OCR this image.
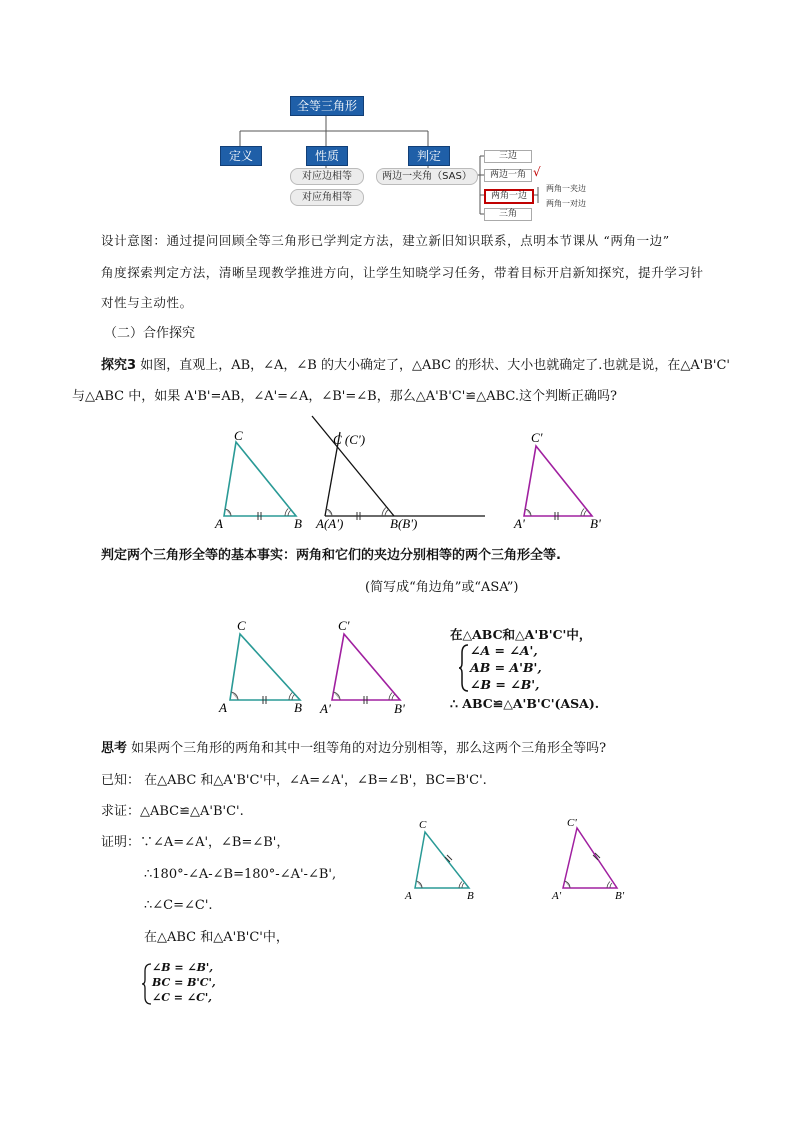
全等三角形
定义	性质	判定
对应边相等
对应角相等
两边一夹角（SAS）
三边
两边一角 √
两角一边
三角
两角一夹边
两角一对边
设计意图：通过提问回顾全等三角形已学判定方法，建立新旧知识联系，点明本节课从 “两角一边”
角度探索判定方法，清晰呈现教学推进方向，让学生知晓学习任务，带着目标开启新知探究，提升学习针
对性与主动性。
（二）合作探究
探究3 如图，直观上，AB，∠A，∠B 的大小确定了，△ABC 的形状、大小也就确定了.也就是说，在△A'B'C'
与△ABC 中，如果 A'B'=AB，∠A'=∠A，∠B'=∠B，那么△A'B'C'≌△ABC.这个判断正确吗?
C
A	B
C (C')
A(A')	B(B')
C'
A'	B'
判定两个三角形全等的基本事实：两角和它们的夹边分别相等的两个三角形全等.
(简写成“角边角”或“ASA”)
C
A	B
C'
A'	B'
在△ABC和△A'B'C'中，
∠A = ∠A',
AB = A'B',
∠B = ∠B',
∴ ABC≌△A'B'C'(ASA).
思考 如果两个三角形的两角和其中一组等角的对边分别相等，那么这两个三角形全等吗?
已知： 在△ABC 和△A'B'C'中，∠A=∠A'，∠B=∠B'，BC=B'C'.
求证：△ABC≌△A'B'C'.
证明：∵∠A=∠A'，∠B=∠B'，
∴180°-∠A-∠B=180°-∠A'-∠B',
∴∠C=∠C'.
在△ABC 和△A'B'C'中，
∠B = ∠B',
BC = B'C',
∠C = ∠C',
C
A	B
C'
A'	B'
